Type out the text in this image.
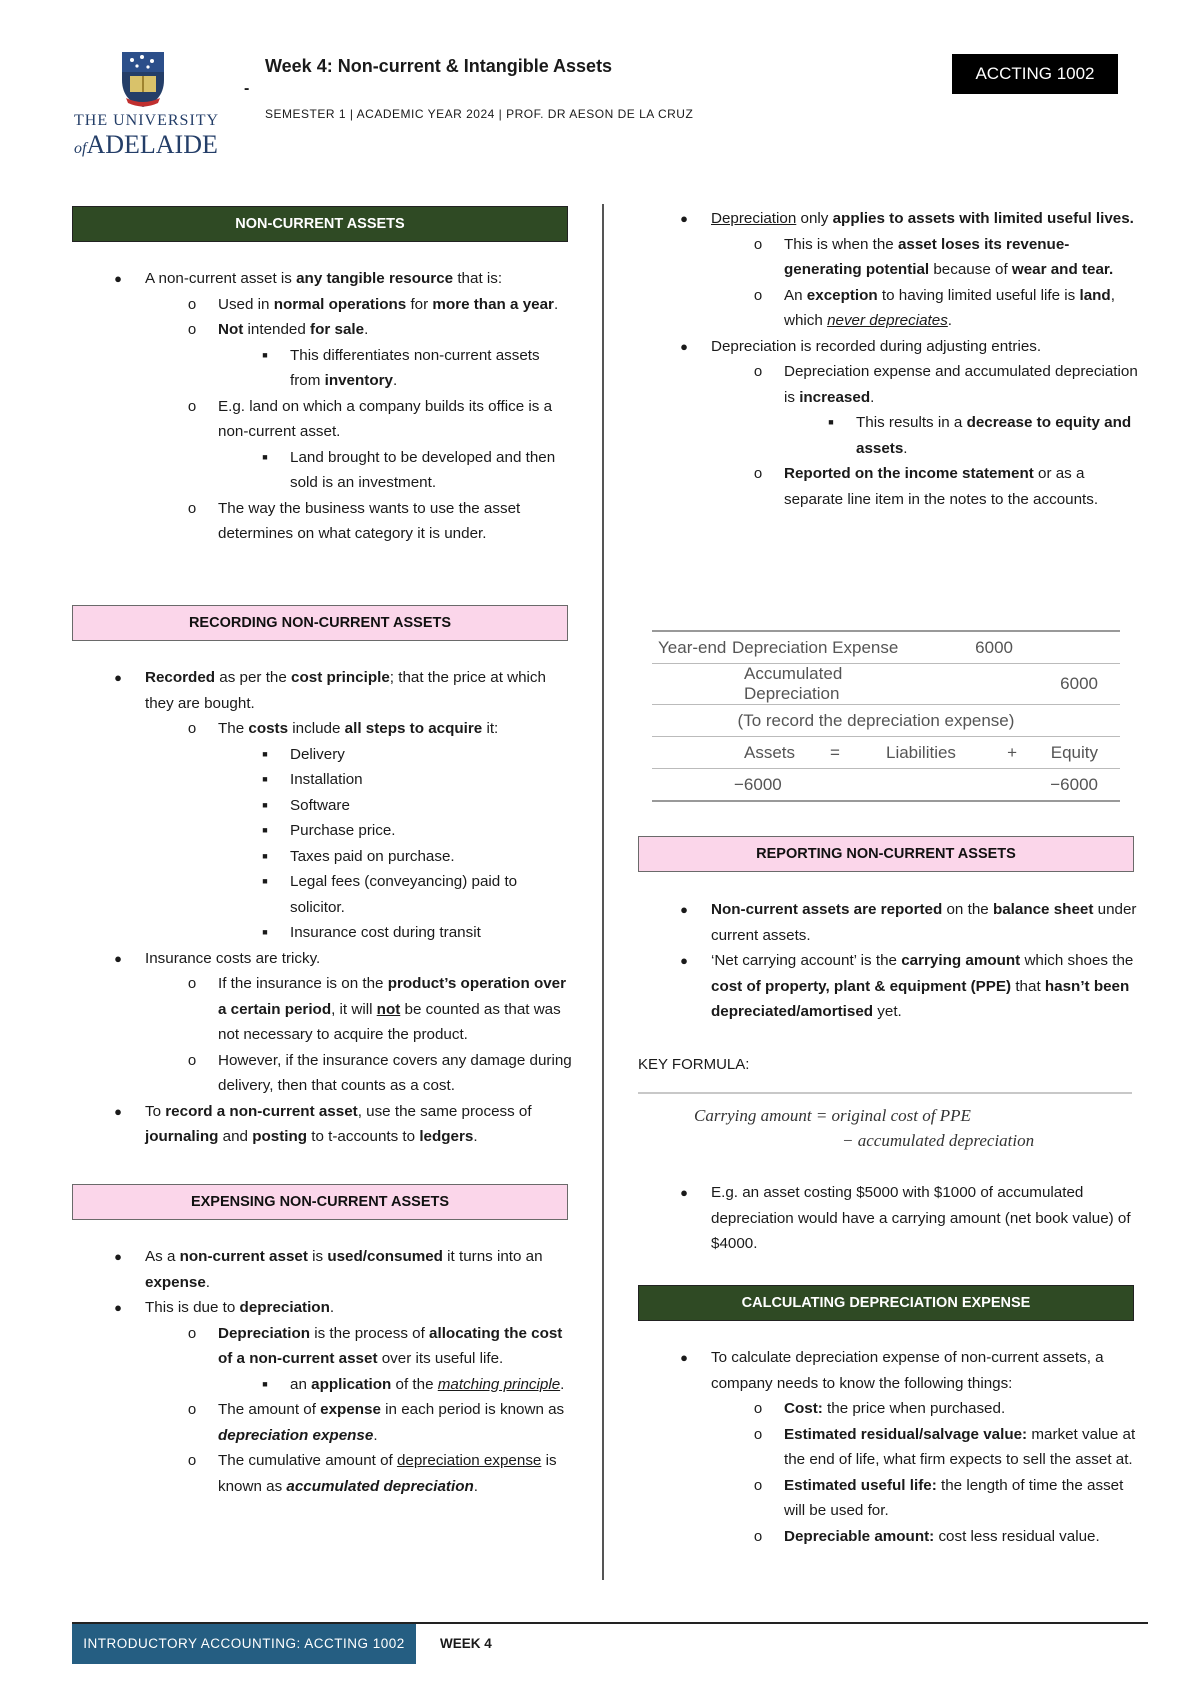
THE UNIVERSITY
ofADELAIDE
Week 4: Non-current & Intangible Assets
-
SEMESTER 1 | ACADEMIC YEAR 2024 | PROF. DR AESON DE LA CRUZ
ACCTING 1002
NON-CURRENT ASSETS
●	A non-current asset is any tangible resource that is:
o	Used in normal operations for more than a year.
o	Not intended for sale.
■	This differentiates non-current assets from inventory.
o	E.g. land on which a company builds its office is a non-current asset.
■	Land brought to be developed and then sold is an investment.
o	The way the business wants to use the asset determines on what category it is under.
RECORDING NON-CURRENT ASSETS
●	Recorded as per the cost principle; that the price at which they are bought.
o	The costs include all steps to acquire it:
■	Delivery
■	Installation
■	Software
■	Purchase price.
■	Taxes paid on purchase.
■	Legal fees (conveyancing) paid to solicitor.
■	Insurance cost during transit
●	Insurance costs are tricky.
o	If the insurance is on the product’s operation over a certain period, it will not be counted as that was not necessary to acquire the product.
o	However, if the insurance covers any damage during delivery, then that counts as a cost.
●	To record a non-current asset, use the same process of journaling and posting to t-accounts to ledgers.
EXPENSING NON-CURRENT ASSETS
●	As a non-current asset is used/consumed it turns into an expense.
●	This is due to depreciation.
o	Depreciation is the process of allocating the cost of a non-current asset over its useful life.
■	an application of the matching principle.
o	The amount of expense in each period is known as depreciation expense.
o	The cumulative amount of depreciation expense is known as accumulated depreciation.
●	Depreciation only applies to assets with limited useful lives.
o	This is when the asset loses its revenue-generating potential because of wear and tear.
o	An exception to having limited useful life is land, which never depreciates.
●	Depreciation is recorded during adjusting entries.
o	Depreciation expense and accumulated depreciation is increased.
■	This results in a decrease to equity and assets.
o	Reported on the income statement or as a separate line item in the notes to the accounts.
Year-end	Depreciation Expense		6000	
	Accumulated Depreciation			6000
(To record the depreciation expense)				
	Assets	= Liabilities	+	Equity
	−6000			−6000
REPORTING NON-CURRENT ASSETS
●	Non-current assets are reported on the balance sheet under current assets.
●	‘Net carrying account’ is the carrying amount which shoes the cost of property, plant & equipment (PPE) that hasn’t been depreciated/amortised yet.
KEY FORMULA:
Carrying amount = original cost of PPE
− accumulated depreciation
●	E.g. an asset costing $5000 with $1000 of accumulated depreciation would have a carrying amount (net book value) of $4000.
CALCULATING DEPRECIATION EXPENSE
●	To calculate depreciation expense of non-current assets, a company needs to know the following things:
o	Cost: the price when purchased.
o	Estimated residual/salvage value: market value at the end of life, what firm expects to sell the asset at.
o	Estimated useful life: the length of time the asset will be used for.
o	Depreciable amount: cost less residual value.
INTRODUCTORY ACCOUNTING: ACCTING 1002	WEEK 4
